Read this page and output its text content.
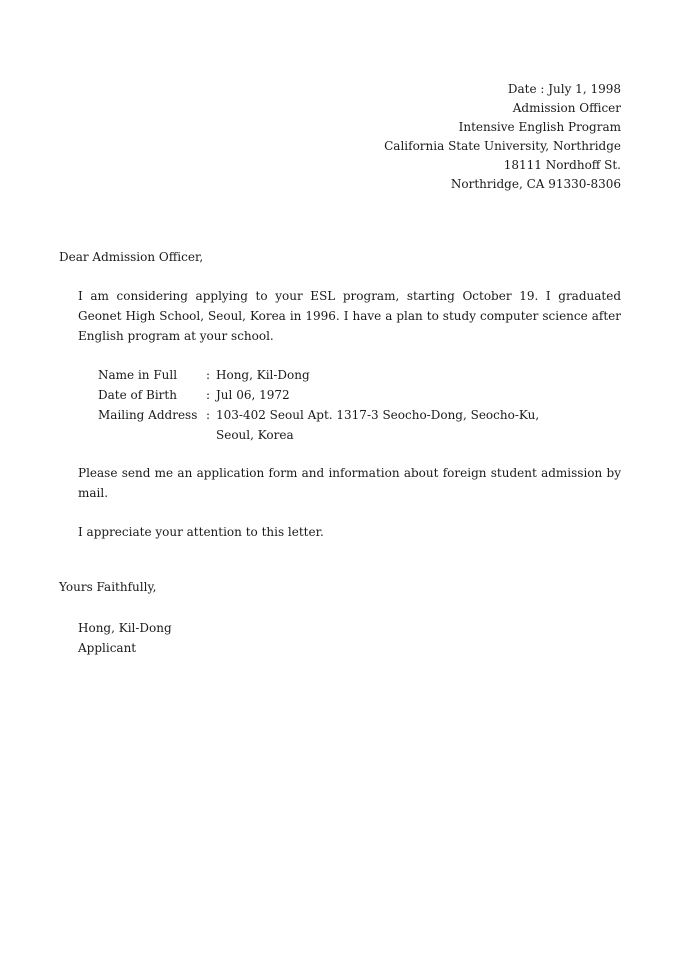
Date : July 1, 1998
Admission Officer
Intensive English Program
California State University, Northridge
18111 Nordhoff St.
Northridge, CA 91330-8306
Dear Admission Officer,
I am considering applying to your ESL program, starting October 19. I graduated Geonet High School, Seoul, Korea in 1996. I have a plan to study computer science after English program at your school.
Name in Full	: Hong, Kil-Dong
Date of Birth	: Jul 06, 1972
Mailing Address : 103-402 Seoul Apt. 1317-3 Seocho-Dong, Seocho-Ku,
Seoul, Korea
Please send me an application form and information about foreign student admission by mail.
I appreciate your attention to this letter.
Yours Faithfully,
Hong, Kil-Dong
Applicant
